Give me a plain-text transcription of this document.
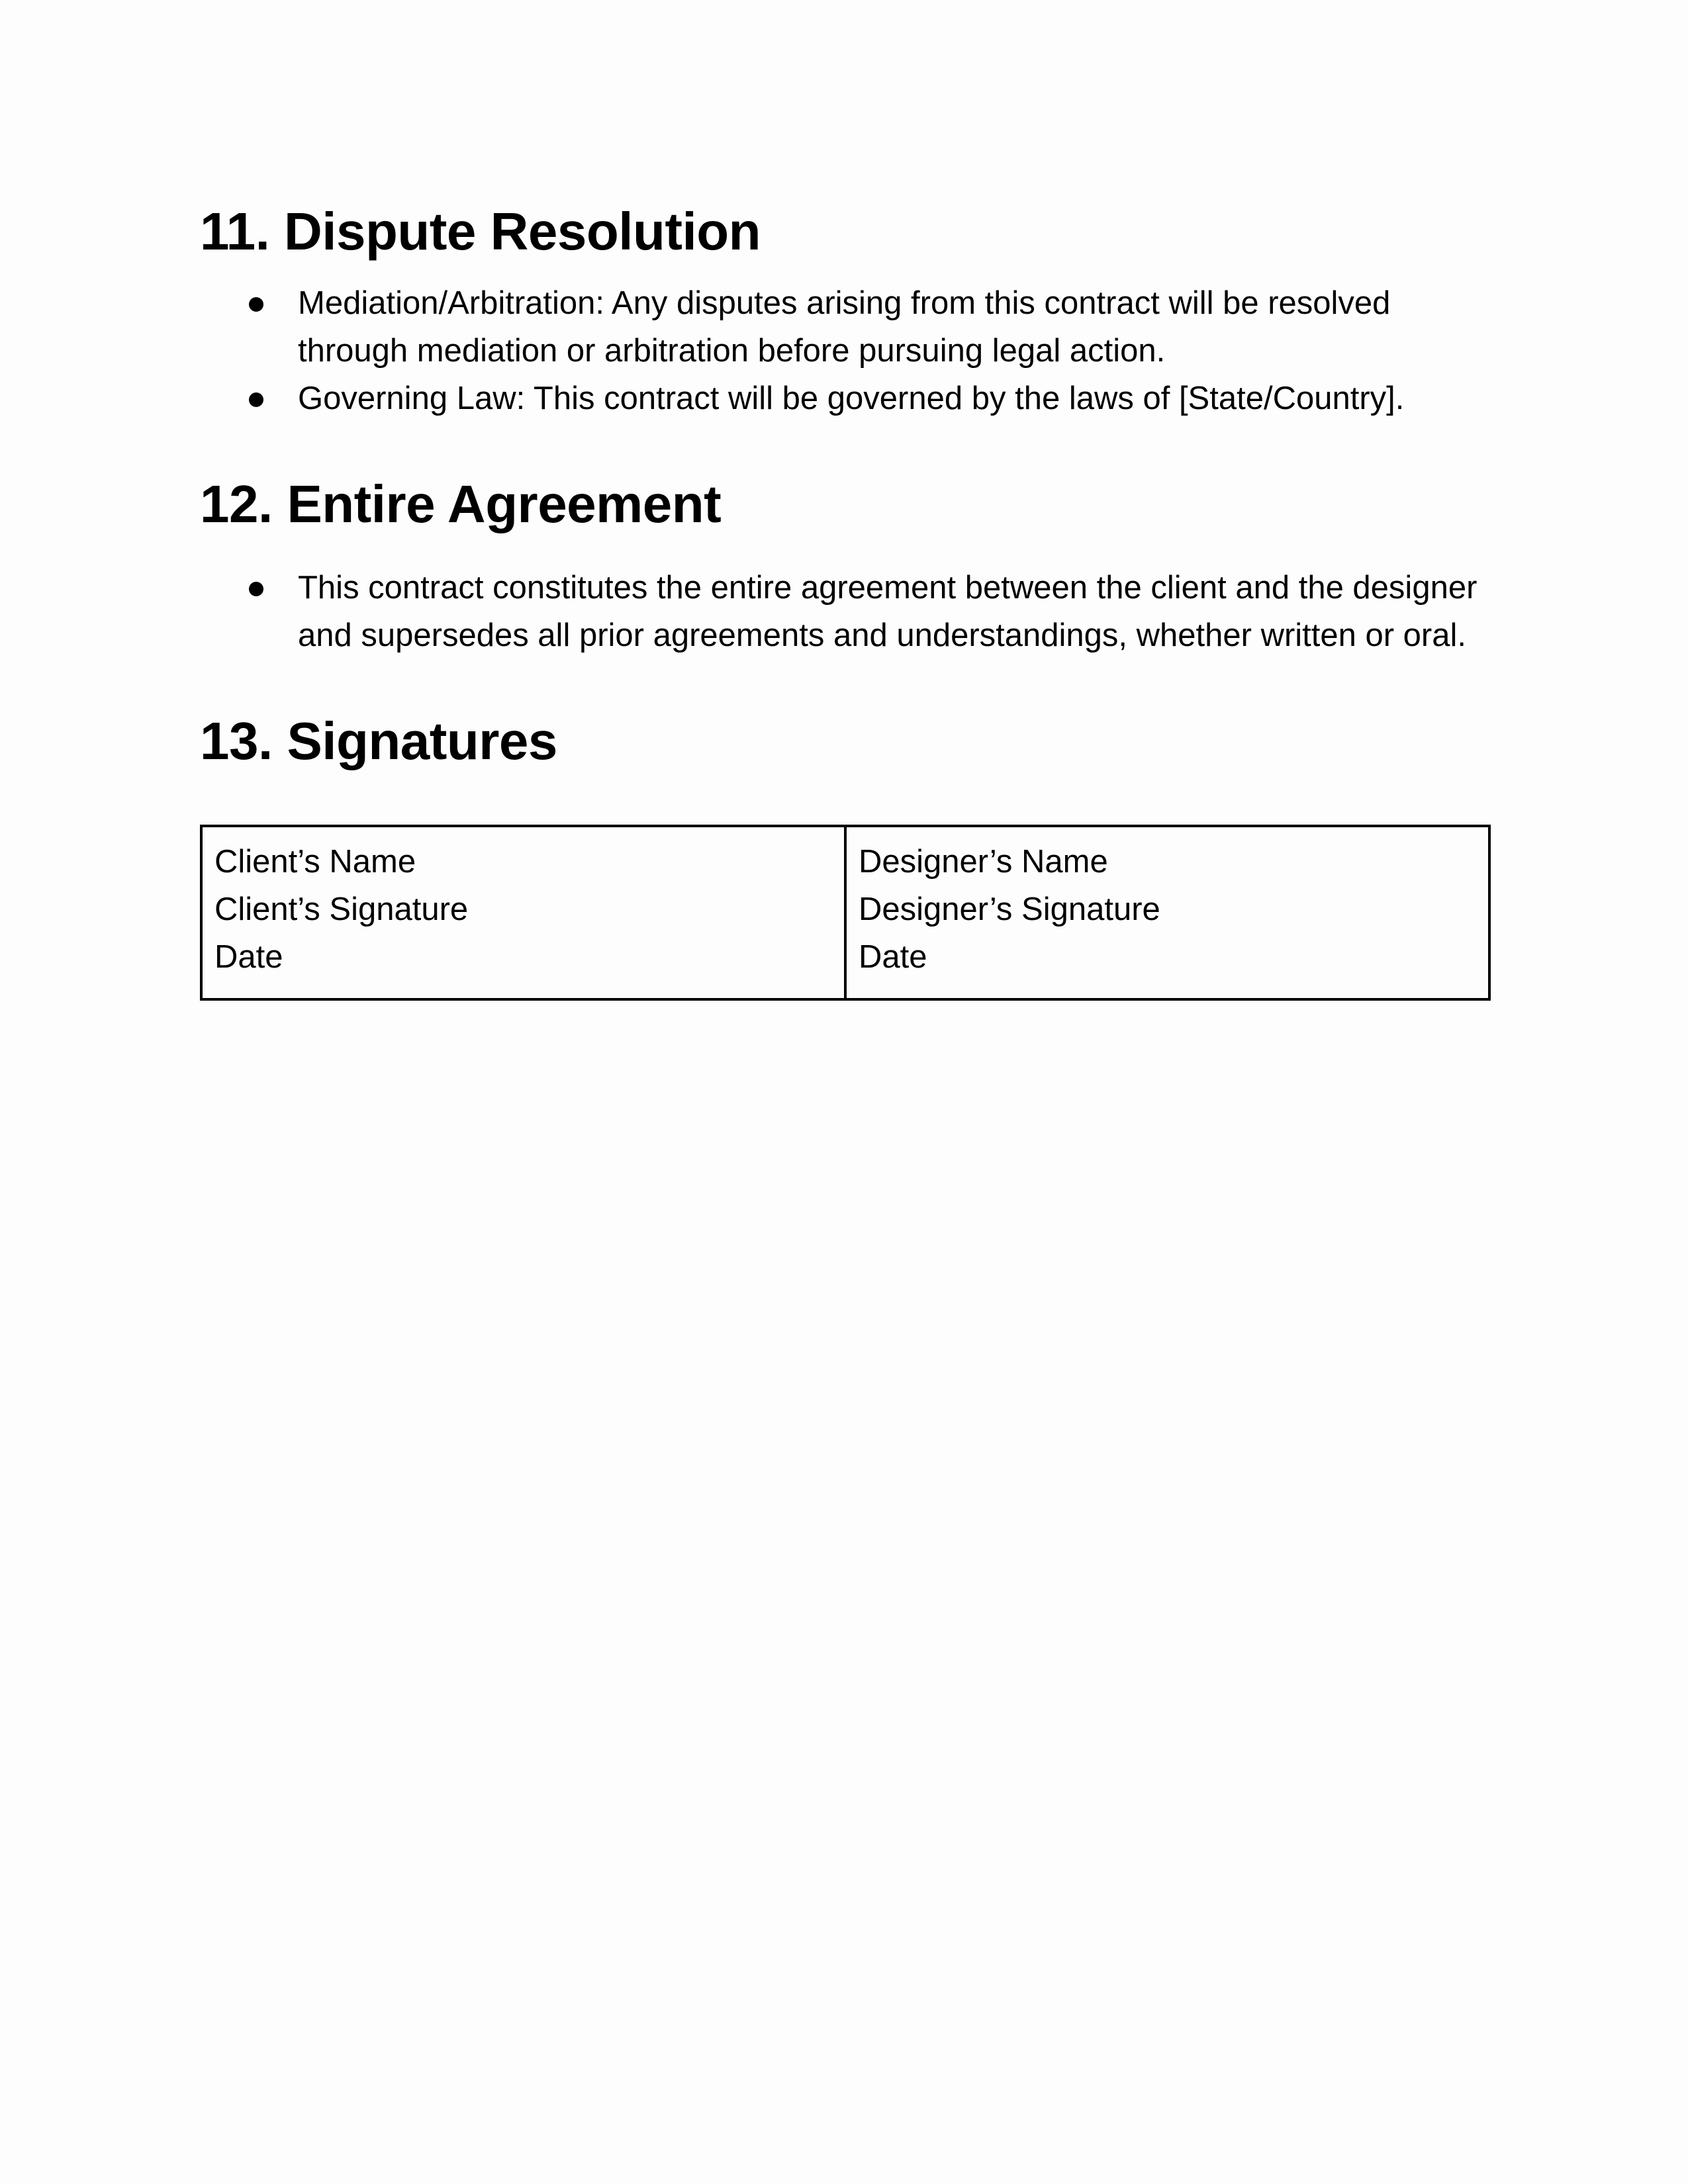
11. Dispute Resolution
Mediation/Arbitration: Any disputes arising from this contract will be resolved through mediation or arbitration before pursuing legal action.
Governing Law: This contract will be governed by the laws of [State/Country].
12. Entire Agreement
This contract constitutes the entire agreement between the client and the designer and supersedes all prior agreements and understandings, whether written or oral.
13. Signatures
Client’s Name
Client’s Signature
Date
Designer’s Name
Designer’s Signature
Date
